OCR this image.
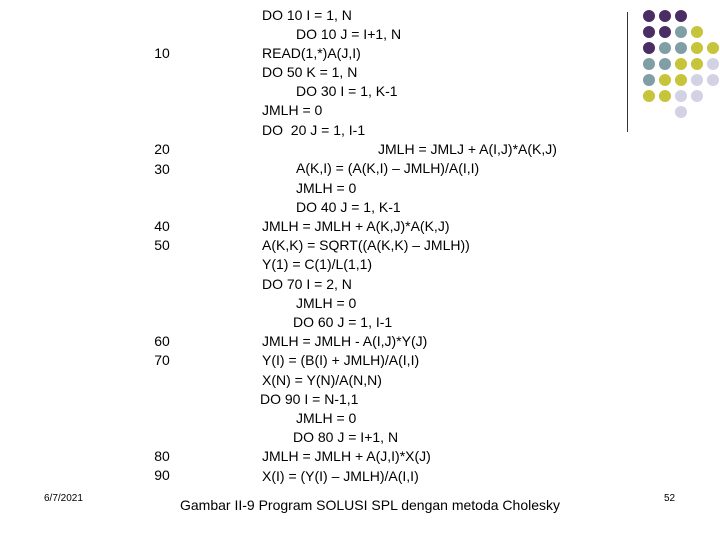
10
20
30
40
50
60
70
80
90
DO 10 I = 1, N
DO 10 J = I+1, N
READ(1,*)A(J,I)
DO 50 K = 1, N
DO 30 I = 1, K-1
JMLH = 0
DO  20 J = 1, I-1
JMLH = JMLJ + A(I,J)*A(K,J)
A(K,I) = (A(K,I) – JMLH)/A(I,I)
JMLH = 0
DO 40 J = 1, K-1
JMLH = JMLH + A(K,J)*A(K,J)
A(K,K) = SQRT((A(K,K) – JMLH))
Y(1) = C(1)/L(1,1)
DO 70 I = 2, N
JMLH = 0
DO 60 J = 1, I-1
JMLH = JMLH - A(I,J)*Y(J)
Y(I) = (B(I) + JMLH)/A(I,I)
X(N) = Y(N)/A(N,N)
DO 90 I = N-1,1
JMLH = 0
DO 80 J = I+1, N
JMLH = JMLH + A(J,I)*X(J)
X(I) = (Y(I) – JMLH)/A(I,I)
6/7/2021	Gambar II-9 Program SOLUSI SPL dengan metoda Cholesky	52
